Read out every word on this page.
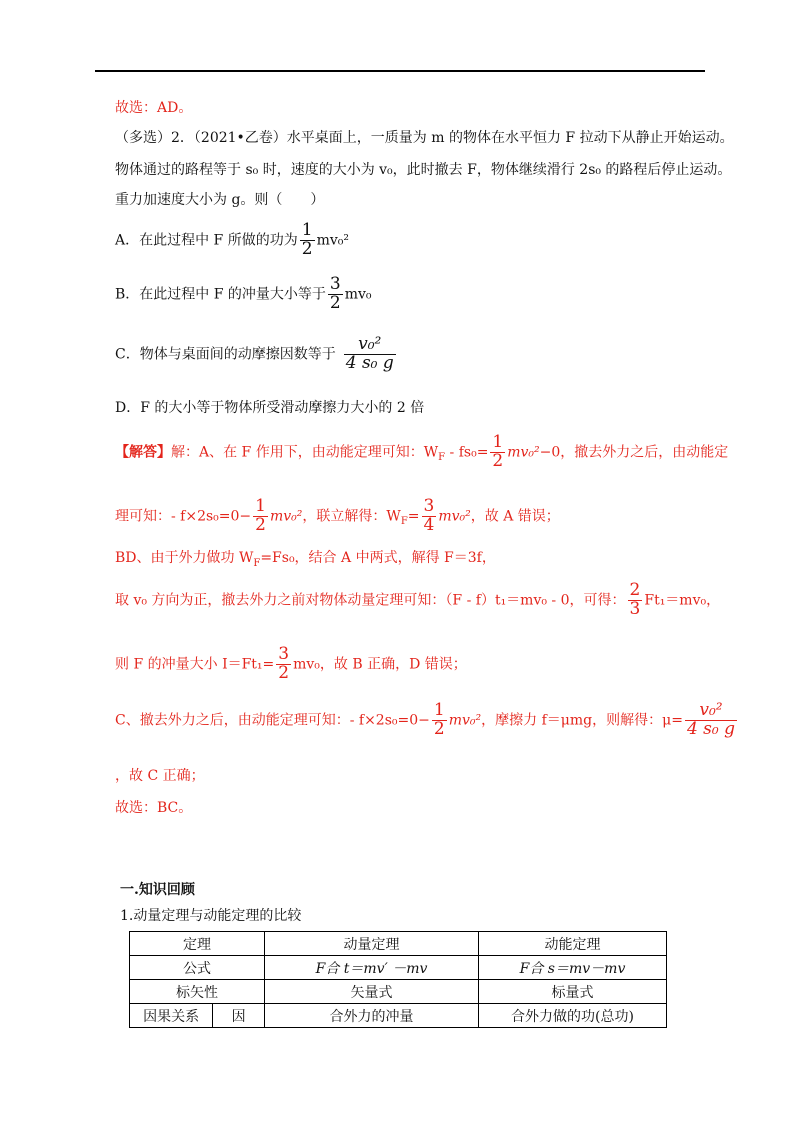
故选：AD。
（多选）2．（2021•乙卷）水平桌面上，一质量为 m 的物体在水平恒力 F 拉动下从静止开始运动。
物体通过的路程等于 s₀ 时，速度的大小为 v₀，此时撤去 F，物体继续滑行 2s₀ 的路程后停止运动。
重力加速度大小为 g。则（　　）
A．在此过程中 F 所做的功为 $\frac{1}{2} mv_0^2$
B．在此过程中 F 的冲量大小等于 $\frac{3}{2} mv_0$
C．物体与桌面间的动摩擦因数等于 $\frac{\text{v₀²}}{\text{4 s₀ g}}$
D．F 的大小等于物体所受滑动摩擦力大小的 2 倍
【解答】解：A、在 F 作用下，由动能定理可知：$W_F - fs_0= \frac{1}{2} mv_0^2-0$，撤去外力之后，由动能定
理可知：- $f\times 2s_0=0- \frac{1}{2} mv_0^2$，联立解得：$W_F= \frac{3}{4} mv_0^2$，故 A 错误；
BD、由于外力做功 $W_F=Fs_0$，结合 A 中两式，解得 F＝3f，
取 v₀ 方向为正，撤去外力之前对物体动量定理可知：（F - f）t₁＝mv₀ - 0，可得： $\frac{2}{3} Ft_1=mv_0$，
则 F 的冲量大小 $I=Ft_1= \frac{3}{2} mv_0$，故 B 正确，D 错误；
C、撤去外力之后，由动能定理可知：- $f\times 2s_0=0- \frac{1}{2} mv_0^2$，摩擦力 f＝μmg，则解得：$\mu= \frac{\text{v₀²}}{\text{4 s₀ g}}$
，故 C 正确；
故选：BC。
一.知识回顾
1.动量定理与动能定理的比较
定理		动量定理	动能定理
公式		F合 t＝mv′ －mv	F合 s＝mv－mv
标矢性		矢量式	标量式
因果关系	因	合外力的冲量	合外力做的功(总功)
